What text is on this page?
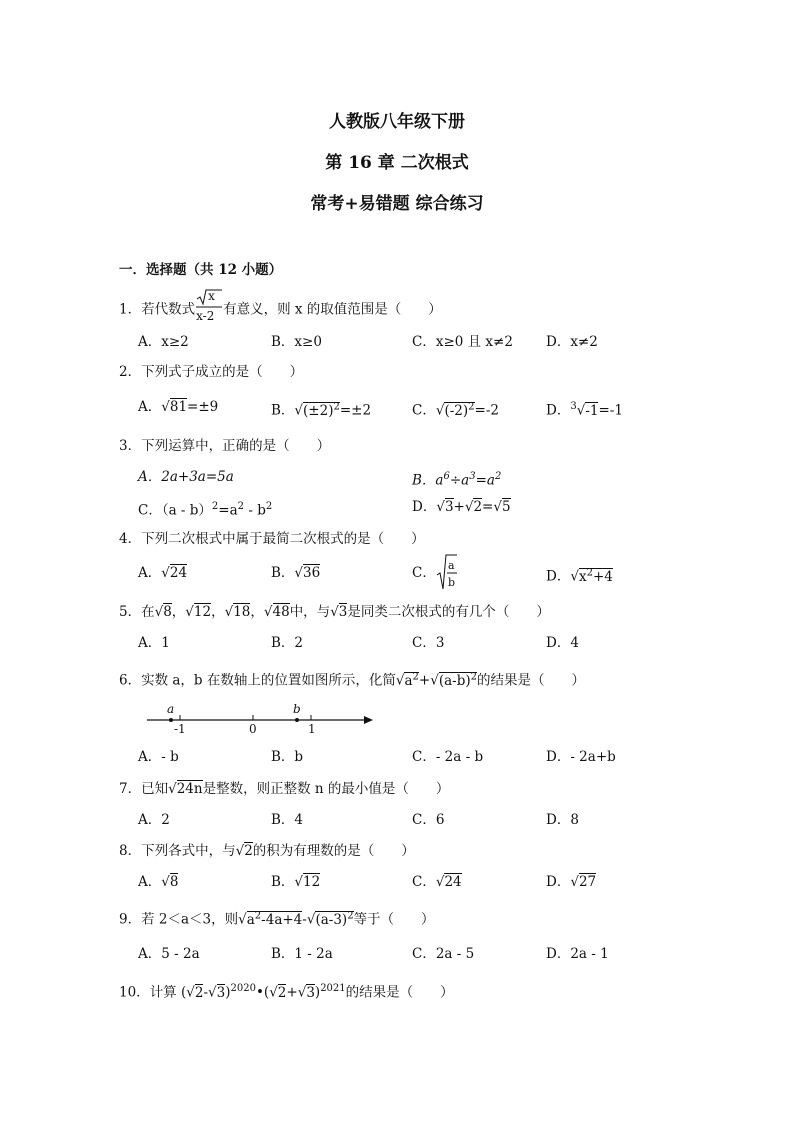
人教版八年级下册
第 16 章 二次根式
常考+易错题 综合练习
一．选择题（共 12 小题）
1．若代数式
x
x-2 有意义，则 x 的取值范围是（　　）
A．x≥2	B．x≥0	C．x≥0 且 x≠2 D．x≠2
2．下列式子成立的是（　　）
A．√81=±9	B．$√(\pm 2)^2=\pm 2$	C．$√(-2)^2=-2$	D．$^3$√-1=-1
3．下列运算中，正确的是（　　）
A．2a+3a=5a	B．$a^6\div a^3=a^2$
C．$(a - b)^2=a^2 - b^2$	D．√3+√2=√5
4．下列二次根式中属于最简二次根式的是（　　）
A．√24	B．√36	C． a
b	D．$√x^2+4$
5．在√8，√12，√18，√48中，与√3是同类二次根式的有几个（　　）
A．1	B．2	C．3	D．4
6．实数 a，b 在数轴上的位置如图所示，化简$√a^2+√(a-b)^2$的结果是（　　）
a	b
-1	0	1
A．- b	B．b	C．- 2a - b	D．- 2a+b
7．已知√24n是整数，则正整数 n 的最小值是（　　）
A．2	B．4	C．6	D．8
8．下列各式中，与√2的积为有理数的是（　　）
A．√8	B．√12	C．√24	D．√27
9．若 2＜a＜3，则$√a^2-4a+4-√(a-3)^2$等于（　　）
A．5 - 2a	B．1 - 2a	C．2a - 5	D．2a - 1
10．计算 $(√2-√3)^{2020}•(√2+√3)^{2021}$的结果是（　　）
